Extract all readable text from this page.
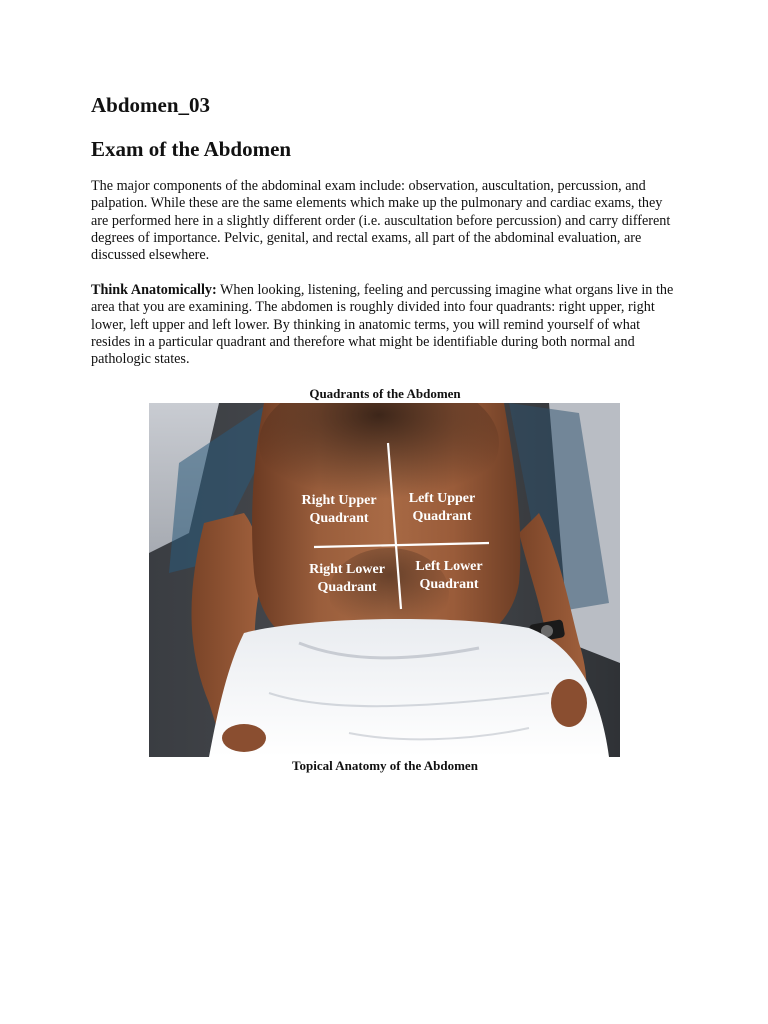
Abdomen_03
Exam of the Abdomen

The major components of the abdominal exam include: observation, auscultation, percussion, and palpation. While these are the same elements which make up the pulmonary and cardiac exams, they are performed here in a slightly different order (i.e. auscultation before percussion) and carry different degrees of importance. Pelvic, genital, and rectal exams, all part of the abdominal evaluation, are discussed elsewhere.

Think Anatomically: When looking, listening, feeling and percussing imagine what organs live in the area that you are examining. The abdomen is roughly divided into four quadrants: right upper, right lower, left upper and left lower. By thinking in anatomic terms, you will remind yourself of what resides in a particular quadrant and therefore what might be identifiable during both normal and pathologic states.

Quadrants of the Abdomen
Right Upper
Quadrant
Left Upper
Quadrant
Right Lower
Quadrant
Left Lower
Quadrant
Topical Anatomy of the Abdomen
